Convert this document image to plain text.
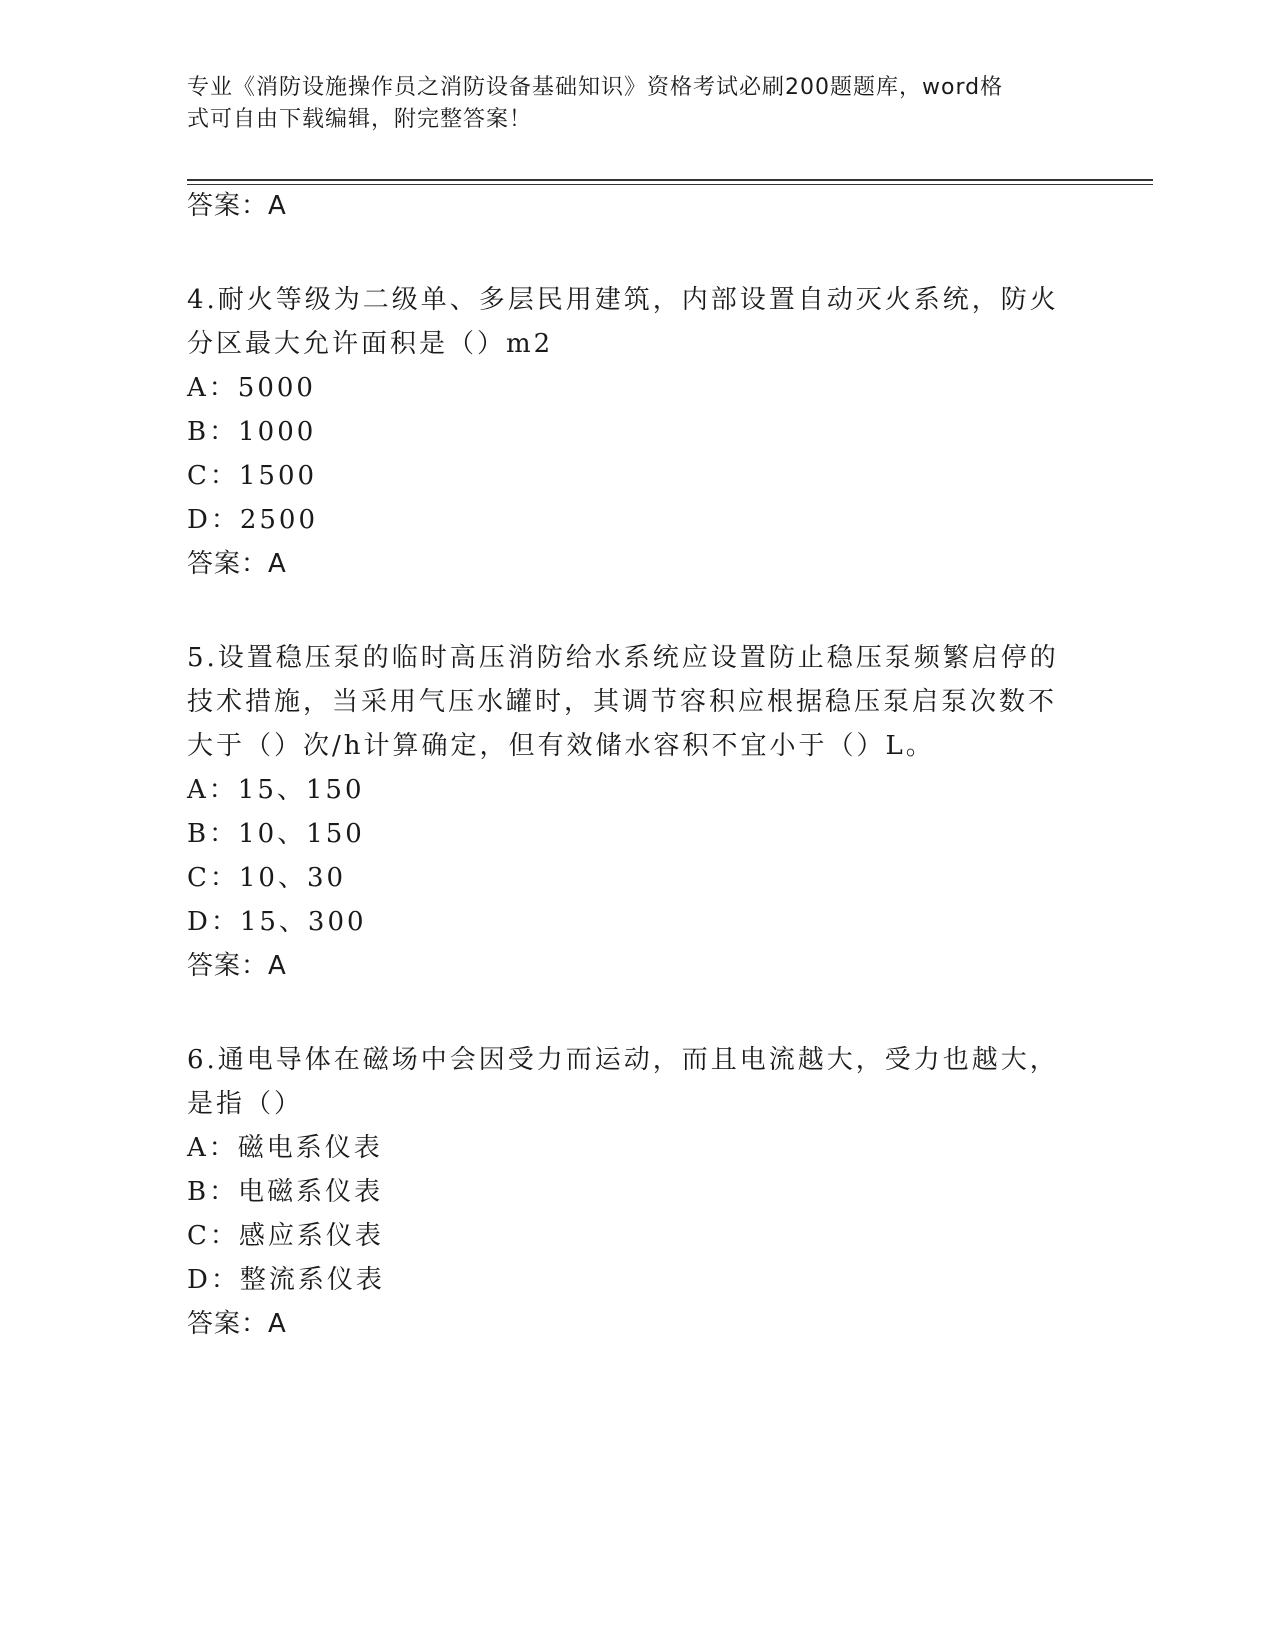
专业《消防设施操作员之消防设备基础知识》资格考试必刷200题题库，word格
式可自由下载编辑，附完整答案！
答案：A
4.耐火等级为二级单、多层民用建筑，内部设置自动灭火系统，防火
分区最大允许面积是（）m2
A：5000
B：1000
C：1500
D：2500
答案：A
5.设置稳压泵的临时高压消防给水系统应设置防止稳压泵频繁启停的
技术措施，当采用气压水罐时，其调节容积应根据稳压泵启泵次数不
大于（）次/h计算确定，但有效储水容积不宜小于（）L。
A：15、150
B：10、150
C：10、30
D：15、300
答案：A
6.通电导体在磁场中会因受力而运动，而且电流越大，受力也越大，
是指（）
A：磁电系仪表
B：电磁系仪表
C：感应系仪表
D：整流系仪表
答案：A
